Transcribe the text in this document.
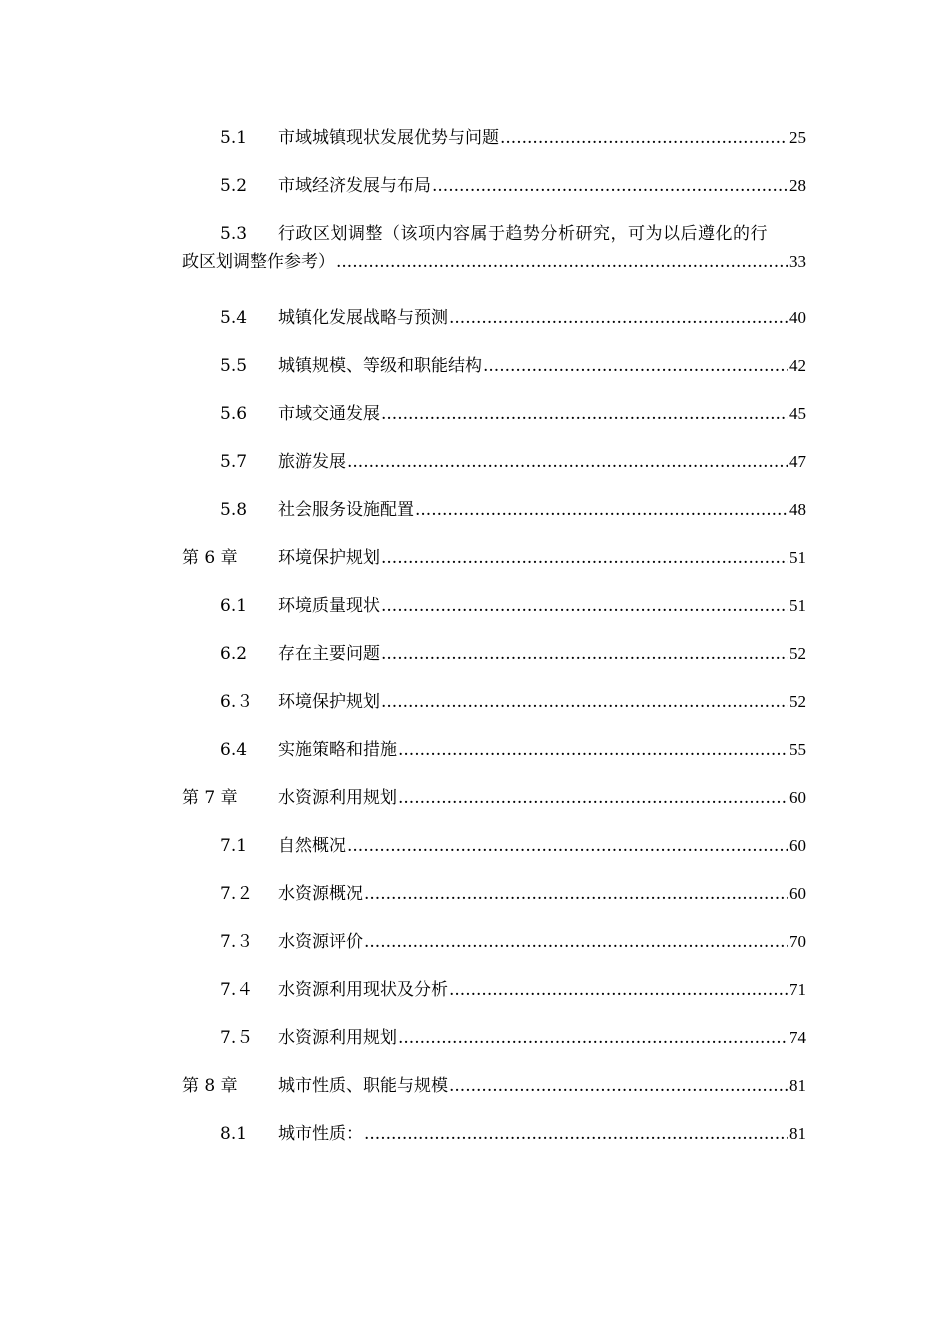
5.1	市域城镇现状发展优势与问题 .....	25
5.2	市域经济发展与布局 .....	28
5.3	行政区划调整（该项内容属于趋势分析研究，可为以后遵化的行
政区划调整作参考） .....	33
5.4	城镇化发展战略与预测 .....	40
5.5	城镇规模、等级和职能结构 .....	42
5.6	市域交通发展 .....	45
5.7	旅游发展 .....	47
5.8	社会服务设施配置 .....	48
第 6 章	环境保护规划 .....	51
6.1	环境质量现状 .....	51
6.2	存在主要问题 .....	52
6.３	环境保护规划 .....	52
6.4	实施策略和措施 .....	55
第 7 章	水资源利用规划 .....	60
7.1	自然概况 .....	60
7.２	水资源概况 .....	60
7.３	水资源评价 .....	70
7.４	水资源利用现状及分析 .....	71
7.５	水资源利用规划 .....	74
第 8 章	城市性质、职能与规模 .....	81
8.1	城市性质： .....	81
